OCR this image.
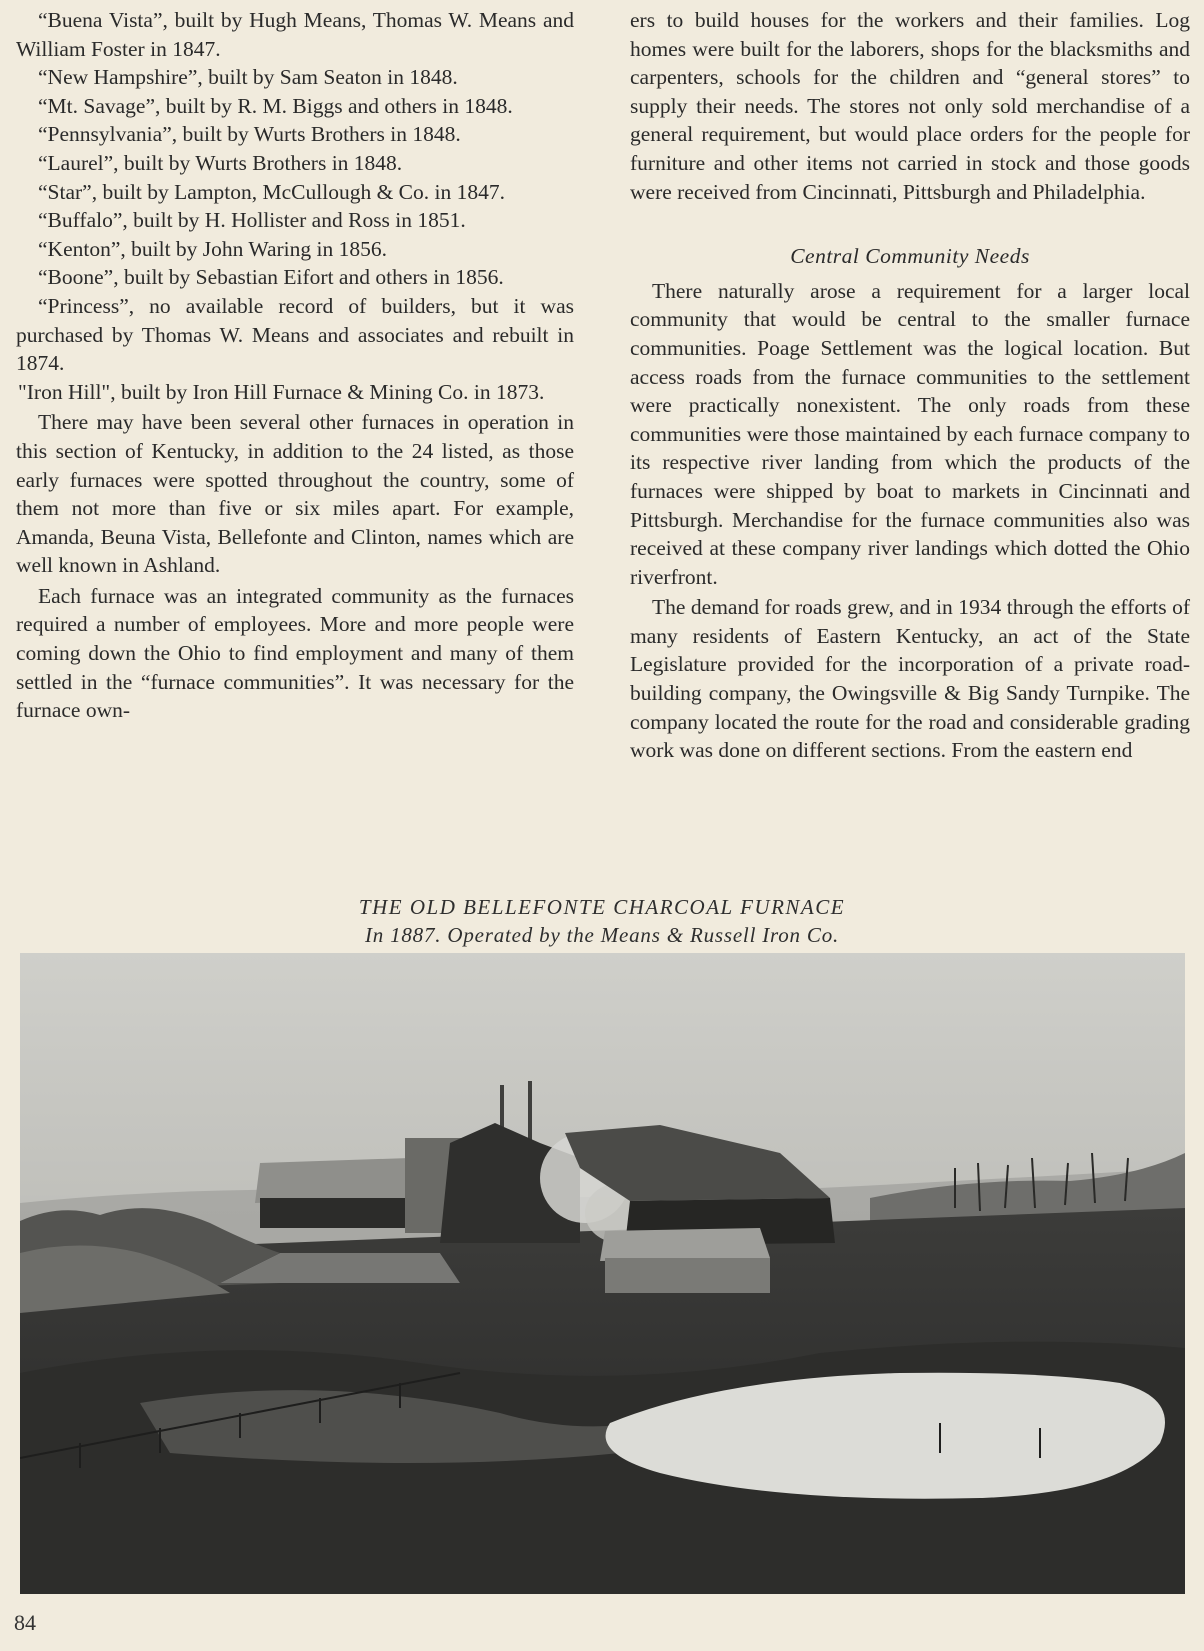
“Buena Vista”, built by Hugh Means, Thomas W. Means and William Foster in 1847.

“New Hampshire”, built by Sam Seaton in 1848.

“Mt. Savage”, built by R. M. Biggs and others in 1848.

“Pennsylvania”, built by Wurts Brothers in 1848.

“Laurel”, built by Wurts Brothers in 1848.

“Star”, built by Lampton, McCullough & Co. in 1847.

“Buffalo”, built by H. Hollister and Ross in 1851.

“Kenton”, built by John Waring in 1856.

“Boone”, built by Sebastian Eifort and others in 1856.

“Princess”, no available record of builders, but it was purchased by Thomas W. Means and associates and rebuilt in 1874.

"Iron Hill", built by Iron Hill Furnace & Mining Co. in 1873.

There may have been several other furnaces in operation in this section of Kentucky, in addition to the 24 listed, as those early furnaces were spotted throughout the country, some of them not more than five or six miles apart. For example, Amanda, Beuna Vista, Bellefonte and Clinton, names which are well known in Ashland.

Each furnace was an integrated community as the furnaces required a number of employees. More and more people were coming down the Ohio to find employment and many of them settled in the “furnace communities”. It was necessary for the furnace own-

ers to build houses for the workers and their families. Log homes were built for the laborers, shops for the blacksmiths and carpenters, schools for the children and “general stores” to supply their needs. The stores not only sold merchandise of a general requirement, but would place orders for the people for furniture and other items not carried in stock and those goods were received from Cincinnati, Pittsburgh and Philadelphia.

Central Community Needs

There naturally arose a requirement for a larger local community that would be central to the smaller furnace communities. Poage Settlement was the logical location. But access roads from the furnace communities to the settlement were practically nonexistent. The only roads from these communities were those maintained by each furnace company to its respective river landing from which the products of the furnaces were shipped by boat to markets in Cincinnati and Pittsburgh. Merchandise for the furnace communities also was received at these company river landings which dotted the Ohio riverfront.

The demand for roads grew, and in 1934 through the efforts of many residents of Eastern Kentucky, an act of the State Legislature provided for the incorporation of a private road-building company, the Owingsville & Big Sandy Turnpike. The company located the route for the road and considerable grading work was done on different sections. From the eastern end

THE OLD BELLEFONTE CHARCOAL FURNACE
In 1887. Operated by the Means & Russell Iron Co.
84
